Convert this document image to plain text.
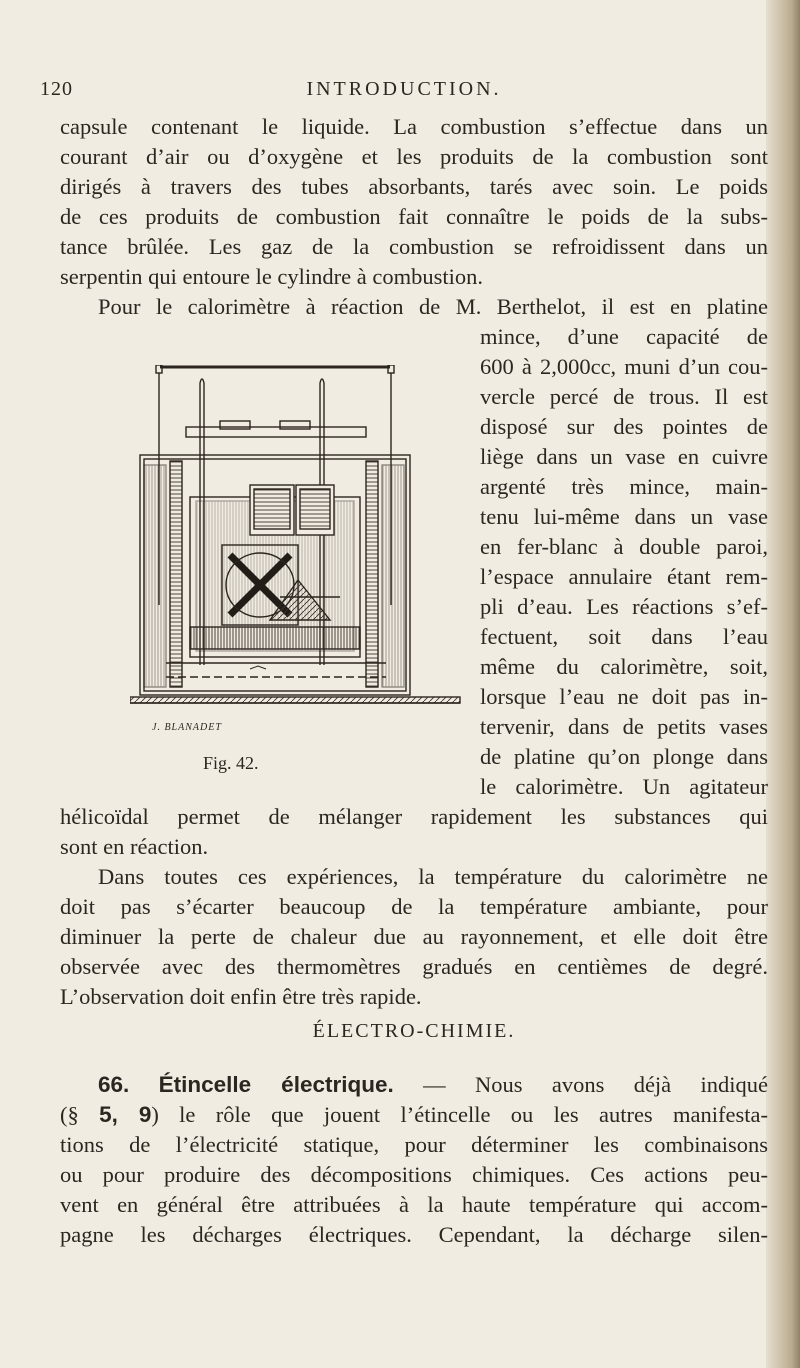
120	INTRODUCTION.
capsule contenant le liquide. La combustion s’effectue dans un
courant d’air ou d’oxygène et les produits de la combustion sont
dirigés à travers des tubes absorbants, tarés avec soin. Le poids
de ces produits de combustion fait connaître le poids de la subs-
tance brûlée. Les gaz de la combustion se refroidissent dans un
serpentin qui entoure le cylindre à combustion.
Pour le calorimètre à réaction de M. Berthelot, il est en platine
mince, d’une capacité de
600 à 2,000cc, muni d’un cou-
vercle percé de trous. Il est
disposé sur des pointes de
liège dans un vase en cuivre
argenté très mince, main-
tenu lui-même dans un vase
en fer-blanc à double paroi,
l’espace annulaire étant rem-
pli d’eau. Les réactions s’ef-
fectuent, soit dans l’eau
même du calorimètre, soit,
lorsque l’eau ne doit pas in-
tervenir, dans de petits vases
de platine qu’on plonge dans
le calorimètre. Un agitateur
J. BLANADET
Fig. 42.
hélicoïdal permet de mélanger rapidement les substances qui
sont en réaction.
Dans toutes ces expériences, la température du calorimètre ne
doit pas s’écarter beaucoup de la température ambiante, pour
diminuer la perte de chaleur due au rayonnement, et elle doit être
observée avec des thermomètres gradués en centièmes de degré.
L’observation doit enfin être très rapide.
ÉLECTRO-CHIMIE.
66. Étincelle électrique. — Nous avons déjà indiqué
(§ 5, 9) le rôle que jouent l’étincelle ou les autres manifesta-
tions de l’électricité statique, pour déterminer les combinaisons
ou pour produire des décompositions chimiques. Ces actions peu-
vent en général être attribuées à la haute température qui accom-
pagne les décharges électriques. Cependant, la décharge silen-
